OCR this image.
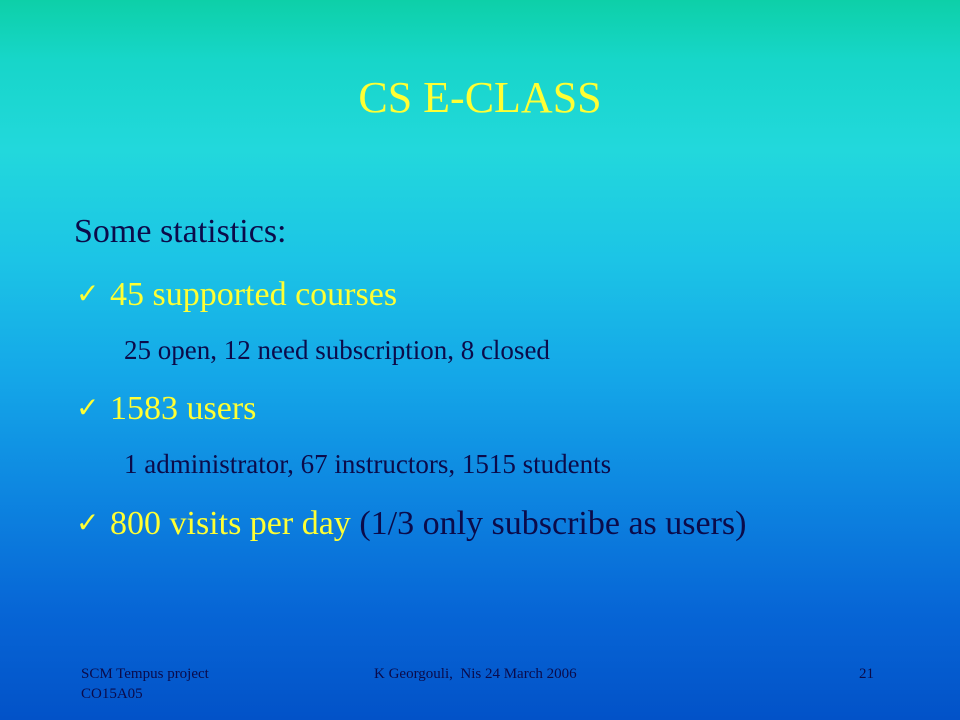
CS E-CLASS
Some statistics:
✓ 45 supported courses
25 open, 12 need subscription, 8 closed
✓ 1583 users
1 administrator, 67 instructors, 1515 students
✓ 800 visits per day (1/3 only subscribe as users)
SCM Tempus project
CO15A05
K Georgouli,  Nis 24 March 2006	21
